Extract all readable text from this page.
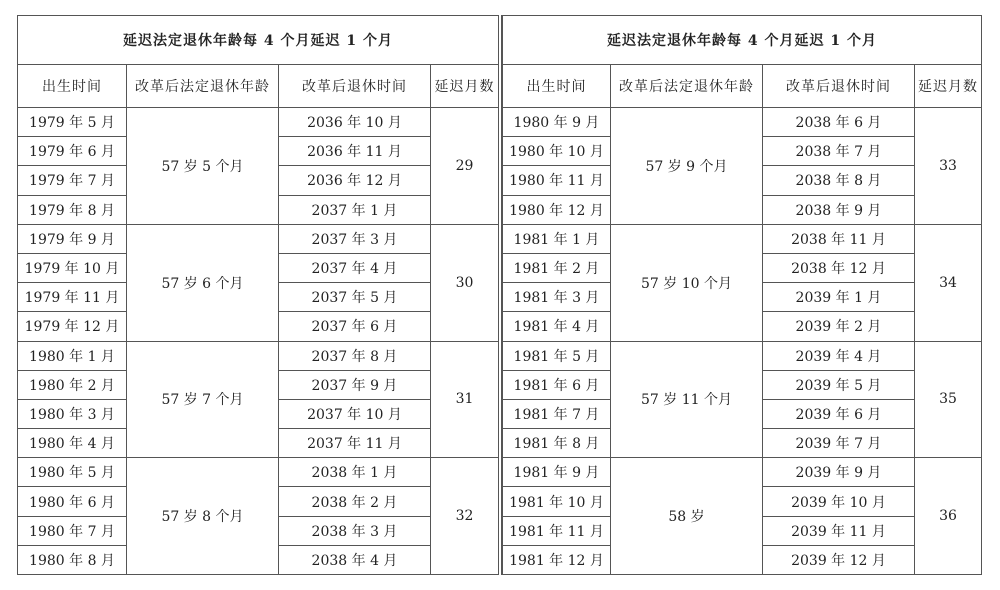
延迟法定退休年龄每 4 个月延迟 1 个月			
出生时间	改革后法定退休年龄	改革后退休时间	延迟月数
1979 年 5 月	57 岁 5 个月	2036 年 10 月	29
1979 年 6 月		2036 年 11 月	
1979 年 7 月		2036 年 12 月	
1979 年 8 月		2037 年 1 月	
1979 年 9 月	57 岁 6 个月	2037 年 3 月	30
1979 年 10 月		2037 年 4 月	
1979 年 11 月		2037 年 5 月	
1979 年 12 月		2037 年 6 月	
1980 年 1 月	57 岁 7 个月	2037 年 8 月	31
1980 年 2 月		2037 年 9 月	
1980 年 3 月		2037 年 10 月	
1980 年 4 月		2037 年 11 月	
1980 年 5 月	57 岁 8 个月	2038 年 1 月	32
1980 年 6 月		2038 年 2 月	
1980 年 7 月		2038 年 3 月	
1980 年 8 月		2038 年 4 月	
延迟法定退休年龄每 4 个月延迟 1 个月			
出生时间	改革后法定退休年龄	改革后退休时间	延迟月数
1980 年 9 月	57 岁 9 个月	2038 年 6 月	33
1980 年 10 月		2038 年 7 月	
1980 年 11 月		2038 年 8 月	
1980 年 12 月		2038 年 9 月	
1981 年 1 月	57 岁 10 个月	2038 年 11 月	34
1981 年 2 月		2038 年 12 月	
1981 年 3 月		2039 年 1 月	
1981 年 4 月		2039 年 2 月	
1981 年 5 月	57 岁 11 个月	2039 年 4 月	35
1981 年 6 月		2039 年 5 月	
1981 年 7 月		2039 年 6 月	
1981 年 8 月		2039 年 7 月	
1981 年 9 月	58 岁	2039 年 9 月	36
1981 年 10 月		2039 年 10 月	
1981 年 11 月		2039 年 11 月	
1981 年 12 月		2039 年 12 月	
